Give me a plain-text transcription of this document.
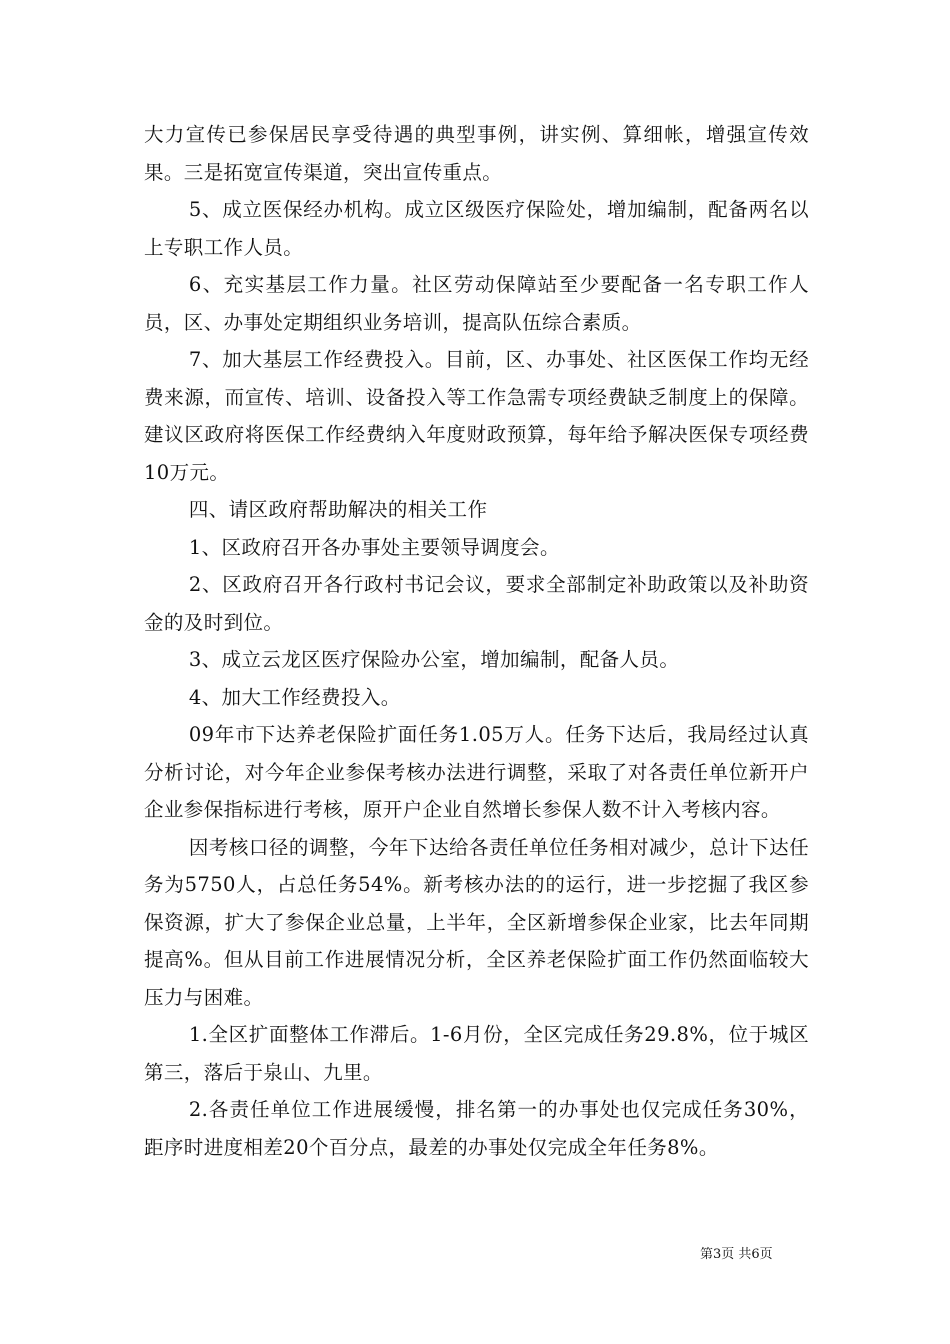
大力宣传已参保居民享受待遇的典型事例，讲实例、算细帐，增强宣传效果。三是拓宽宣传渠道，突出宣传重点。

5、成立医保经办机构。成立区级医疗保险处，增加编制，配备两名以上专职工作人员。

6、充实基层工作力量。社区劳动保障站至少要配备一名专职工作人员，区、办事处定期组织业务培训，提高队伍综合素质。

7、加大基层工作经费投入。目前，区、办事处、社区医保工作均无经费来源，而宣传、培训、设备投入等工作急需专项经费缺乏制度上的保障。建议区政府将医保工作经费纳入年度财政预算，每年给予解决医保专项经费10万元。

四、请区政府帮助解决的相关工作

1、区政府召开各办事处主要领导调度会。

2、区政府召开各行政村书记会议，要求全部制定补助政策以及补助资金的及时到位。

3、成立云龙区医疗保险办公室，增加编制，配备人员。

4、加大工作经费投入。

09年市下达养老保险扩面任务1.05万人。任务下达后，我局经过认真分析讨论，对今年企业参保考核办法进行调整，采取了对各责任单位新开户企业参保指标进行考核，原开户企业自然增长参保人数不计入考核内容。

因考核口径的调整，今年下达给各责任单位任务相对减少，总计下达任务为5750人，占总任务54%。新考核办法的的运行，进一步挖掘了我区参保资源，扩大了参保企业总量，上半年，全区新增参保企业家，比去年同期提高%。但从目前工作进展情况分析，全区养老保险扩面工作仍然面临较大压力与困难。

1.全区扩面整体工作滞后。1-6月份，全区完成任务29.8%，位于城区第三，落后于泉山、九里。

2.各责任单位工作进展缓慢，排名第一的办事处也仅完成任务30%，距序时进度相差20个百分点，最差的办事处仅完成全年任务8%。

第3页 共6页
